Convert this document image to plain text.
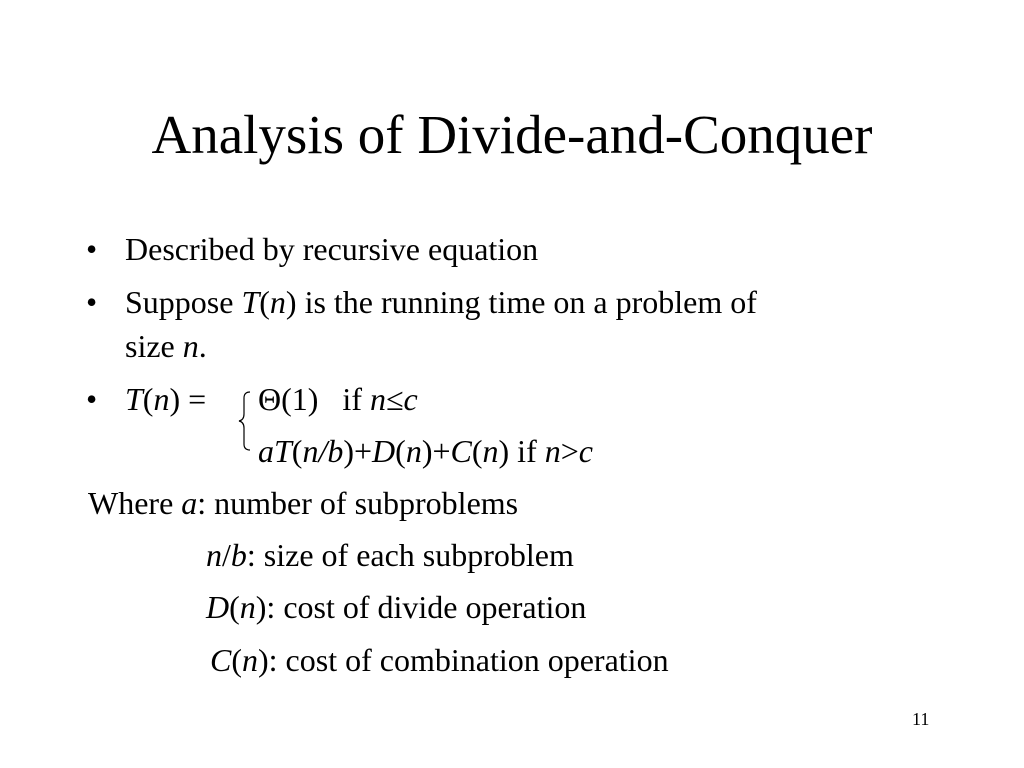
Analysis of Divide-and-Conquer
• Described by recursive equation
• Suppose T(n) is the running time on a problem of
size n.
• T(n) = Θ(1) if n≤c
aT(n/b)+D(n)+C(n) if n>c
Where a: number of subproblems
n/b: size of each subproblem
D(n): cost of divide operation
C(n): cost of combination operation
11
